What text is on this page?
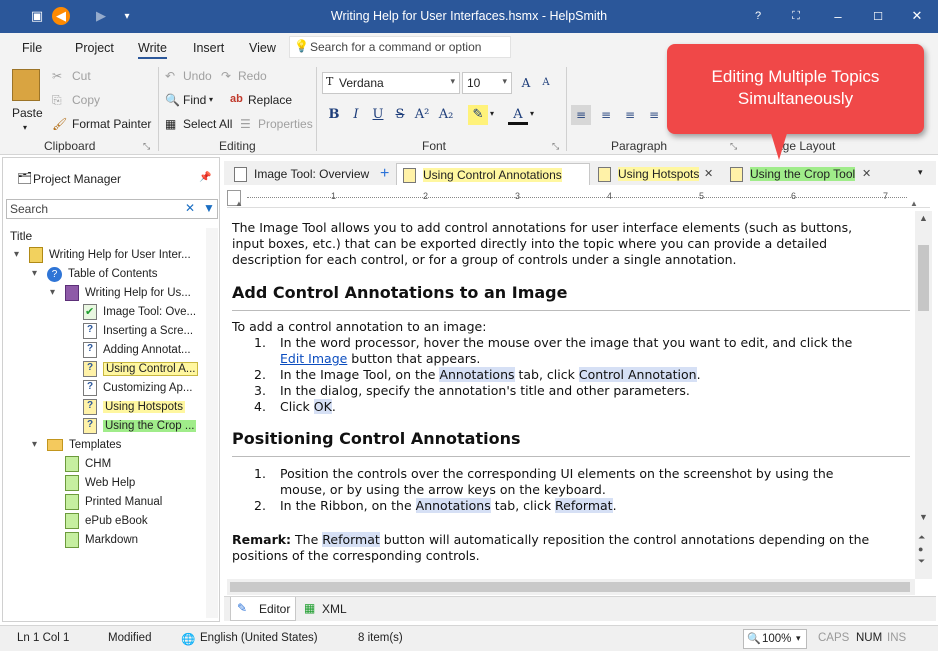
▣ ◀	▶	▾	Writing Help for User Interfaces.hsmx - HelpSmith	?	⛶	–	☐	✕
File	Project Write Insert View 💡 Search for a command or option
Paste
▾
✂ Cut
⎘ Copy
🖌 Format Painter
Clipboard	⤡
↶ Undo ↷ Redo
🔍 Find ▾ ab Replace
▦ Select All ☰ Properties
Editing
T Verdana	▾	10 ▾	A	A
B	I	U S A² A₂	✎ ▾	A ▾
Font	⤡
≡	≡	≡	≡
Paragraph	⤡	age Layout
Editing Multiple Topics Simultaneously
🗂 Project Manager	📌
Search	✕ ▼
Title
▾	Writing Help for User Inter...
▾	? Table of Contents
▾	Writing Help for Us...
✔ Image Tool: Ove...
?
Inserting a Scre...
?
Adding Annotat...
?
Using Control A...
?
Customizing Ap...
?
Using Hotspots
?
Using the Crop ...
▾	Templates
CHM
Web Help
Printed Manual
ePub eBook
Markdown
Image Tool: Overview +	Using Control Annotations	Using Hotspots ✕	Using the Crop Tool ✕	▾
1	2	3	4	5	6	7
▲	▲

The Image Tool allows you to add control annotations for user interface elements (such as buttons,

input boxes, etc.) that can be exported directly into the topic where you can provide a detailed

description for each control, or for a group of controls under a single annotation.

Add Control Annotations to an Image

To add a control annotation to an image:

1. In the word processor, hover the mouse over the image that you want to edit, and click the

Edit Image button that appears.

2. In the Image Tool, on the Annotations tab, click Control Annotation.

3. In the dialog, specify the annotation's title and other parameters.

4. Click OK.

Positioning Control Annotations

1. Position the controls over the corresponding UI elements on the screenshot by using the

mouse, or by using the arrow keys on the keyboard.

2. In the Ribbon, on the Annotations tab, click Reformat.

Remark: The Reformat button will automatically reposition the control annotations depending on the

positions of the corresponding controls.

▲
▼
⏶
●
⏷
✎ Editor ▦ XML
Ln 1 Col 1	Modified	🌐 English (United States)	8 item(s)	🔍 100% ▾ CAPS NUM INS
